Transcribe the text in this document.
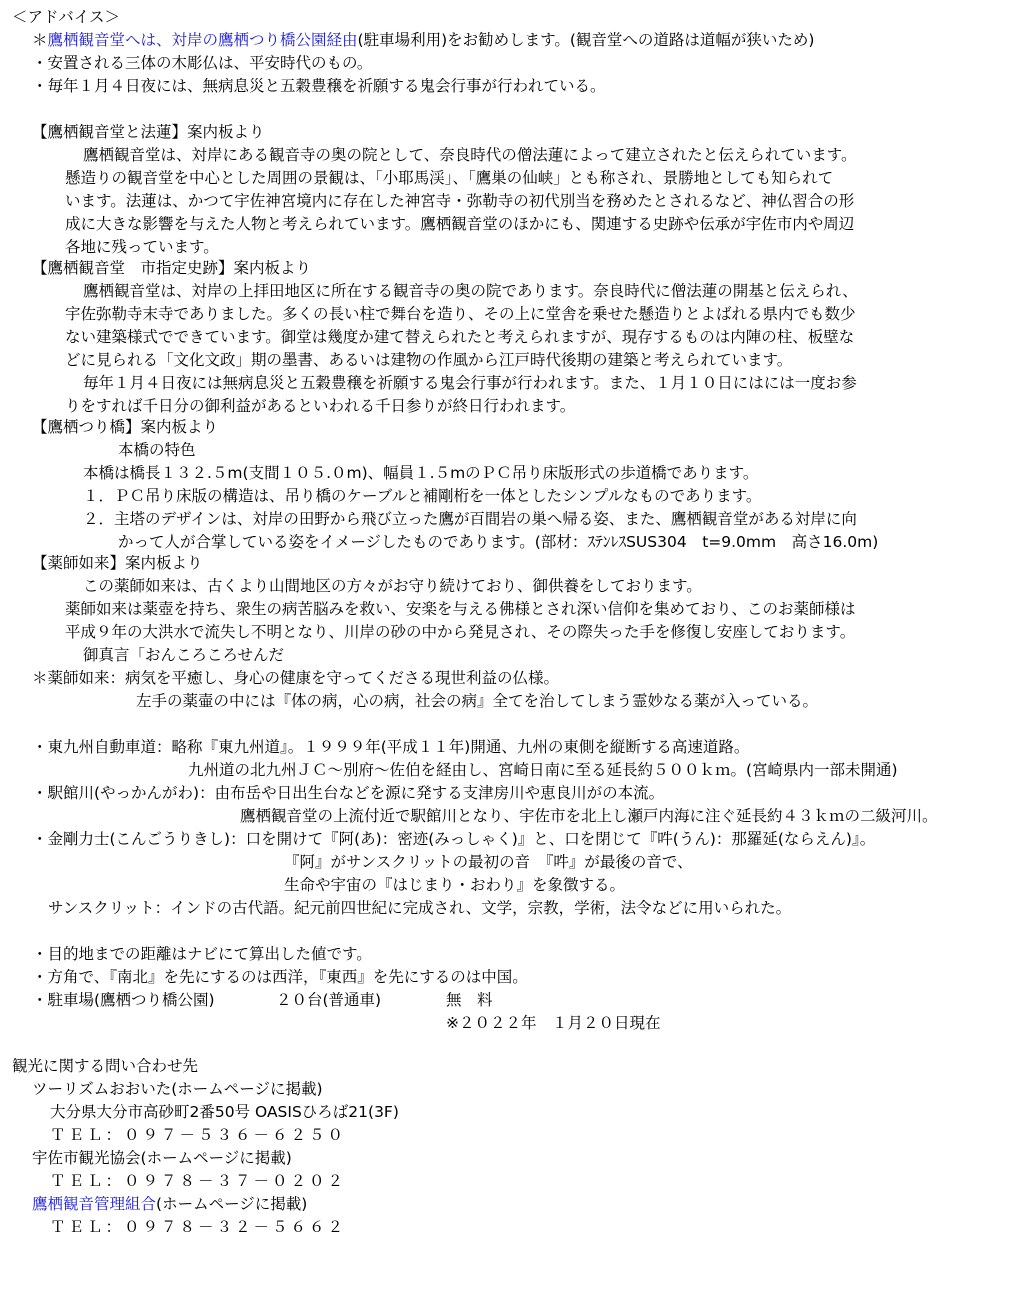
＜アドバイス＞
＊鷹栖観音堂へは、対岸の鷹栖つり橋公園経由(駐車場利用)をお勧めします。(観音堂への道路は道幅が狭いため)
・安置される三体の木彫仏は、平安時代のもの。
・毎年１月４日夜には、無病息災と五穀豊穣を祈願する鬼会行事が行われている。
【鷹栖観音堂と法蓮】案内板より
鷹栖観音堂は、対岸にある観音寺の奥の院として、奈良時代の僧法蓮によって建立されたと伝えられています。
懸造りの観音堂を中心とした周囲の景観は、「小耶馬渓」、「鷹巣の仙峡」とも称され、景勝地としても知られて
います。法蓮は、かつて宇佐神宮境内に存在した神宮寺・弥勒寺の初代別当を務めたとされるなど、神仏習合の形
成に大きな影響を与えた人物と考えられています。鷹栖観音堂のほかにも、関連する史跡や伝承が宇佐市内や周辺
各地に残っています。
【鷹栖観音堂　市指定史跡】案内板より
鷹栖観音堂は、対岸の上拝田地区に所在する観音寺の奥の院であります。奈良時代に僧法蓮の開基と伝えられ、
宇佐弥勒寺末寺でありました。多くの長い柱で舞台を造り、その上に堂舎を乗せた懸造りとよばれる県内でも数少
ない建築様式でできています。御堂は幾度か建て替えられたと考えられますが、現存するものは内陣の柱、板壁な
どに見られる「文化文政」期の墨書、あるいは建物の作風から江戸時代後期の建築と考えられています。
毎年１月４日夜には無病息災と五穀豊穣を祈願する鬼会行事が行われます。また、１月１０日にはには一度お参
りをすれば千日分の御利益があるといわれる千日参りが終日行われます。
【鷹栖つり橋】案内板より
本橋の特色
本橋は橋長１３２.５m(支間１０５.０m)、幅員１.５mのＰＣ吊り床版形式の歩道橋であります。
１．ＰＣ吊り床版の構造は、吊り橋のケーブルと補剛桁を一体としたシンプルなものであります。
２．主塔のデザインは、対岸の田野から飛び立った鷹が百間岩の巣へ帰る姿、また、鷹栖観音堂がある対岸に向
かって人が合掌している姿をイメージしたものであります。(部材：ｽﾃﾝﾚｽSUS304　t=9.0mm　高さ16.0m)
【薬師如来】案内板より
この薬師如来は、古くより山間地区の方々がお守り続けており、御供養をしております。
薬師如来は薬壺を持ち、衆生の病苦脳みを救い、安楽を与える佛様とされ深い信仰を集めており、このお薬師様は
平成９年の大洪水で流失し不明となり、川岸の砂の中から発見され、その際失った手を修復し安座しております。
御真言「おんころころせんだ
＊薬師如来：病気を平癒し、身心の健康を守ってくださる現世利益の仏様。
左手の薬壷の中には『体の病，心の病，社会の病』全てを治してしまう霊妙なる薬が入っている。
・東九州自動車道：略称『東九州道』。１９９９年(平成１１年)開通、九州の東側を縦断する高速道路。
九州道の北九州ＪＣ～別府～佐伯を経由し、宮崎日南に至る延長約５００ｋｍ。(宮崎県内一部未開通)
・駅館川(やっかんがわ)：由布岳や日出生台などを源に発する支津房川や恵良川がの本流。
鷹栖観音堂の上流付近で駅館川となり、宇佐市を北上し瀬戸内海に注ぐ延長約４３ｋｍの二級河川。
・金剛力士(こんごうりきし)：口を開けて『阿(あ)：密迹(みっしゃく)』と、口を閉じて『吽(うん)：那羅延(ならえん)』。
『阿』がサンスクリットの最初の音　『吽』が最後の音で、
生命や宇宙の『はじまり・おわり』を象徴する。
サンスクリット：インドの古代語。紀元前四世紀に完成され、文学，宗教，学術，法令などに用いられた。
・目的地までの距離はナビにて算出した値です。
・方角で、『南北』を先にするのは西洋，『東西』を先にするのは中国。
・駐車場(鷹栖つり橋公園)	２０台(普通車)	無　料
※２０２２年　１月２０日現在
観光に関する問い合わせ先
ツーリズムおおいた(ホームページに掲載)
大分県大分市高砂町2番50号 OASISひろば21(3F)
ＴＥＬ：０９７－５３６－６２５０
宇佐市観光協会(ホームページに掲載)
ＴＥＬ：０９７８－３７－０２０２
鷹栖観音管理組合(ホームページに掲載)
ＴＥＬ：０９７８－３２－５６６２
